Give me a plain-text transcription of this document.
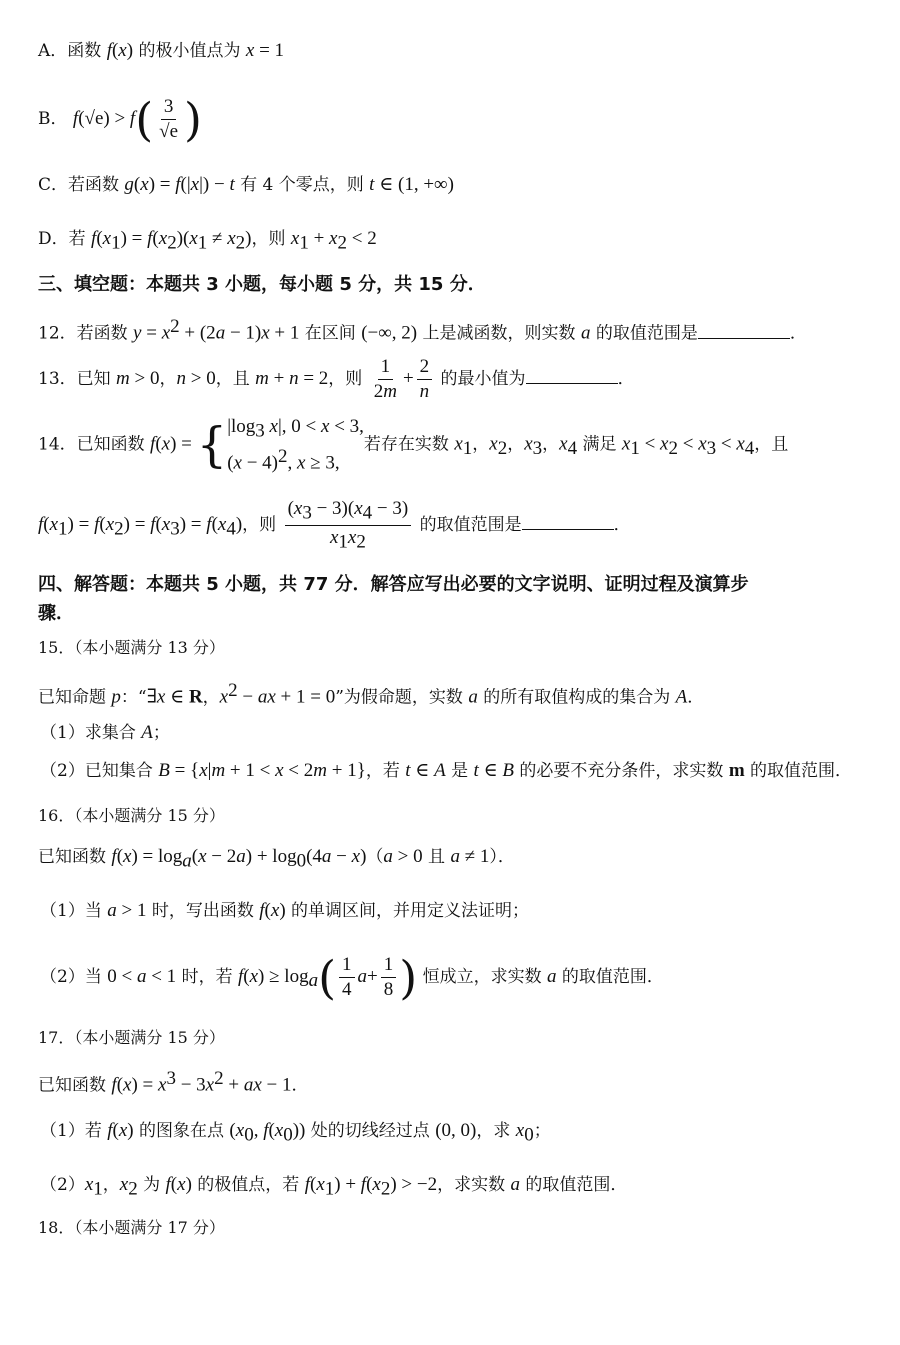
A．函数 f(x) 的极小值点为 x = 1
B． $f(√e) > f( \frac{3}{√e}$ )
C．若函数 g(x) = f(|x|) − t 有 4 个零点，则 t ∈ (1, +∞)
D．若 $f(x_1) = f(x_2)(x_1 \ne x_2)$，则 $x_1 + x_2 < 2$
三、填空题：本题共 3 小题，每小题 5 分，共 15 分．
12．若函数 $y = x^2 + (2a - 1)x + 1$ 在区间 (−∞, 2) 上是减函数，则实数 a 的取值范围是	．
13．已知 m > 0，n > 0，且 m + n = 2，则 $\frac{1}{2m} + \frac{2}{n}$ 的最小值为	．
14．已知函数 f(x) = { $|\log_3$ x|, 0 < x < 3,
$(x - 4)^2$, x ≥ 3,
若存在实数 $x_1$，$x_2$，$x_3$，$x_4$ 满足 $x_1 < x_2 < x_3 < x_4$，且
$f(x_1) = f(x_2) = f(x_3) = f(x_4)$，则 $\frac{(x_3 - 3)(x_4 - 3)}{x_1x_2}$ 的取值范围是	．
四、解答题：本题共 5 小题，共 77 分．解答应写出必要的文字说明、证明过程及演算步
骤．
15．（本小题满分 13 分）
已知命题 p：“∃x ∈ R，$x^2$ − ax + 1 = 0”为假命题，实数 a 的所有取值构成的集合为 A．
（1）求集合 A；
（2）已知集合 B = {x|m + 1 < x < 2m + 1}，若 t ∈ A 是 t ∈ B 的必要不充分条件，求实数 m 的取值范围．
16．（本小题满分 15 分）
已知函数 $f(x) = \log_a(x - 2a) + \log_0(4a - x)(a > 0$ 且 a ≠ 1）．
（1）当 a > 1 时，写出函数 f(x) 的单调区间，并用定义法证明；
（2）当 0 < a < 1 时，若 $f(x) \ge \log_a( \frac{1}{4} a+ \frac{1}{8}$ ) 恒成立，求实数 a 的取值范围．
17．（本小题满分 15 分）
已知函数 $f(x) = x^3 - 3x^2$ + ax − 1．
（1）若 f(x) 的图象在点 ($x_0$, $f(x_0)$) 处的切线经过点 (0, 0)，求 $x_0$；
$(2)x_1$，$x_2$ 为 f(x) 的极值点，若 $f(x_1) + f(x_2) > -2$，求实数 a 的取值范围．
18．（本小题满分 17 分）
